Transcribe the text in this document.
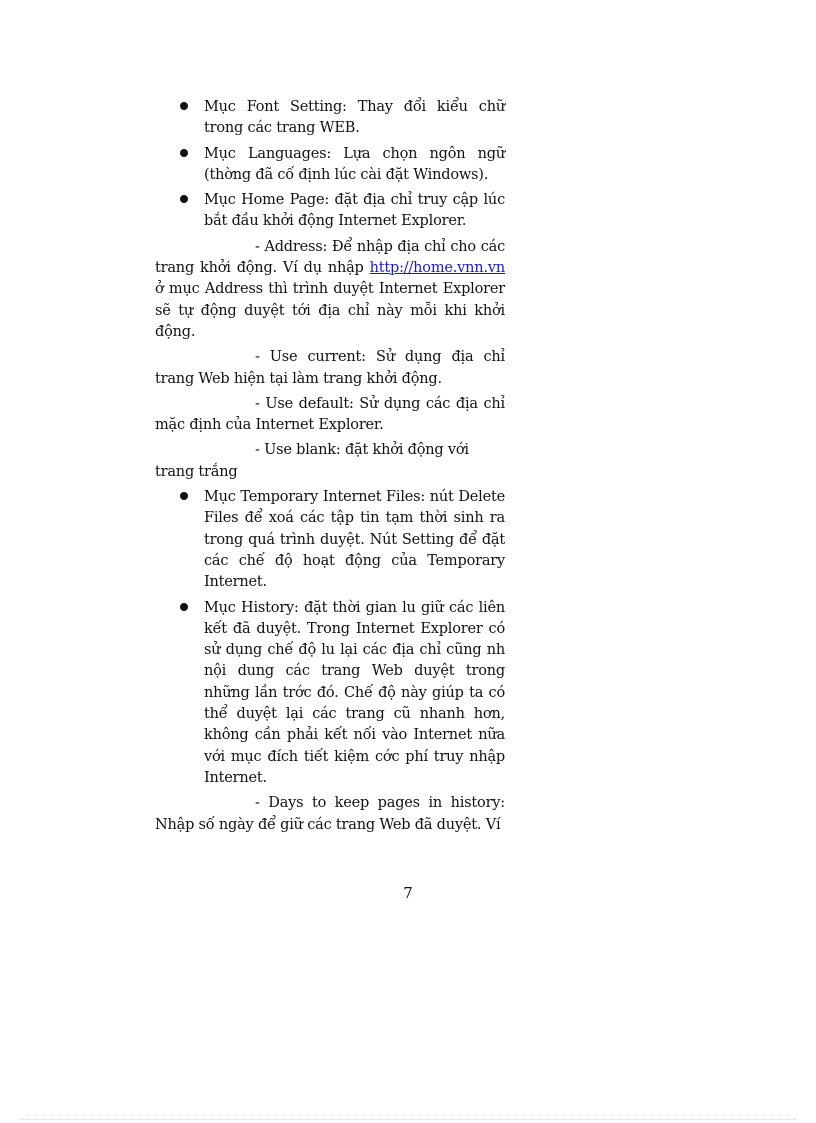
Mục Font Setting: Thay đổi kiểu chữ trong các trang WEB.
Mục Languages: Lựa chọn ngôn ngữ (thờng đã cố định lúc cài đặt Windows).
Mục Home Page: đặt địa chỉ truy cập lúc bắt đầu khởi động Internet Explorer.

- Address: Để nhập địa chỉ cho các trang khởi động. Ví dụ nhập http://home.vnn.vn ở mục Address thì trình duyệt Internet Explorer sẽ tự động duyệt tới địa chỉ này mỗi khi khởi động.

- Use current: Sử dụng địa chỉ trang Web hiện tại làm trang khởi động.

- Use default: Sử dụng các địa chỉ mặc định của Internet Explorer.

- Use blank: đặt khởi động với trang trắng

Mục Temporary Internet Files: nút Delete Files để xoá các tập tin tạm thời sinh ra trong quá trình duyệt. Nút Setting để đặt các chế độ hoạt động của Temporary Internet.
Mục History: đặt thời gian lu giữ các liên kết đã duyệt. Trong Internet Explorer có sử dụng chế độ lu lại các địa chỉ cũng nh nội dung các trang Web duyệt trong những lần trớc đó. Chế độ này giúp ta có thể duyệt lại các trang cũ nhanh hơn, không cần phải kết nối vào Internet nữa với mục đích tiết kiệm cớc phí truy nhập Internet.

- Days to keep pages in history: Nhập số ngày để giữ các trang Web đã duyệt. Ví

7
